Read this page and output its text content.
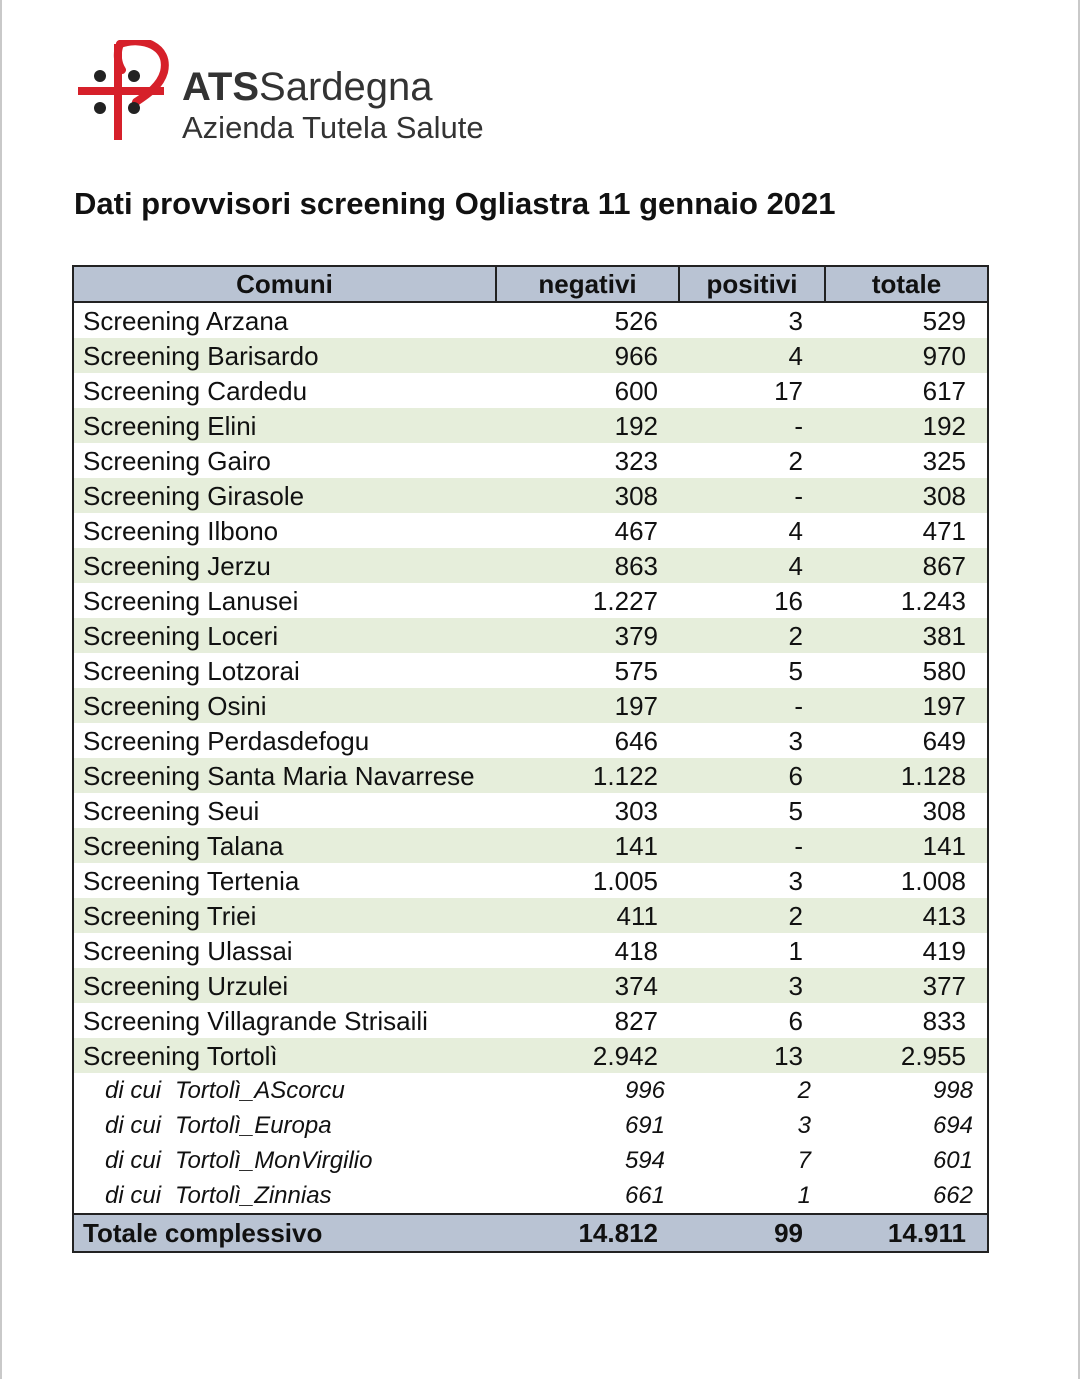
ATSSardegna
Azienda Tutela Salute
Dati provvisori screening Ogliastra 11 gennaio 2021
Comuni	negativi	positivi	totale
Screening Arzana	526	3	529
Screening Barisardo	966	4	970
Screening Cardedu	600	17	617
Screening Elini	192	-	192
Screening Gairo	323	2	325
Screening Girasole	308	-	308
Screening Ilbono	467	4	471
Screening Jerzu	863	4	867
Screening Lanusei	1.227	16	1.243
Screening Loceri	379	2	381
Screening Lotzorai	575	5	580
Screening Osini	197	-	197
Screening Perdasdefogu	646	3	649
Screening Santa Maria Navarrese	1.122	6	1.128
Screening Seui	303	5	308
Screening Talana	141	-	141
Screening Tertenia	1.005	3	1.008
Screening Triei	411	2	413
Screening Ulassai	418	1	419
Screening Urzulei	374	3	377
Screening Villagrande Strisaili	827	6	833
Screening Tortolì	2.942	13	2.955
di cui Tortolì_AScorcu	996	2	998
di cui Tortolì_Europa	691	3	694
di cui Tortolì_MonVirgilio	594	7	601
di cui Tortolì_Zinnias	661	1	662
Totale complessivo	14.812	99	14.911
